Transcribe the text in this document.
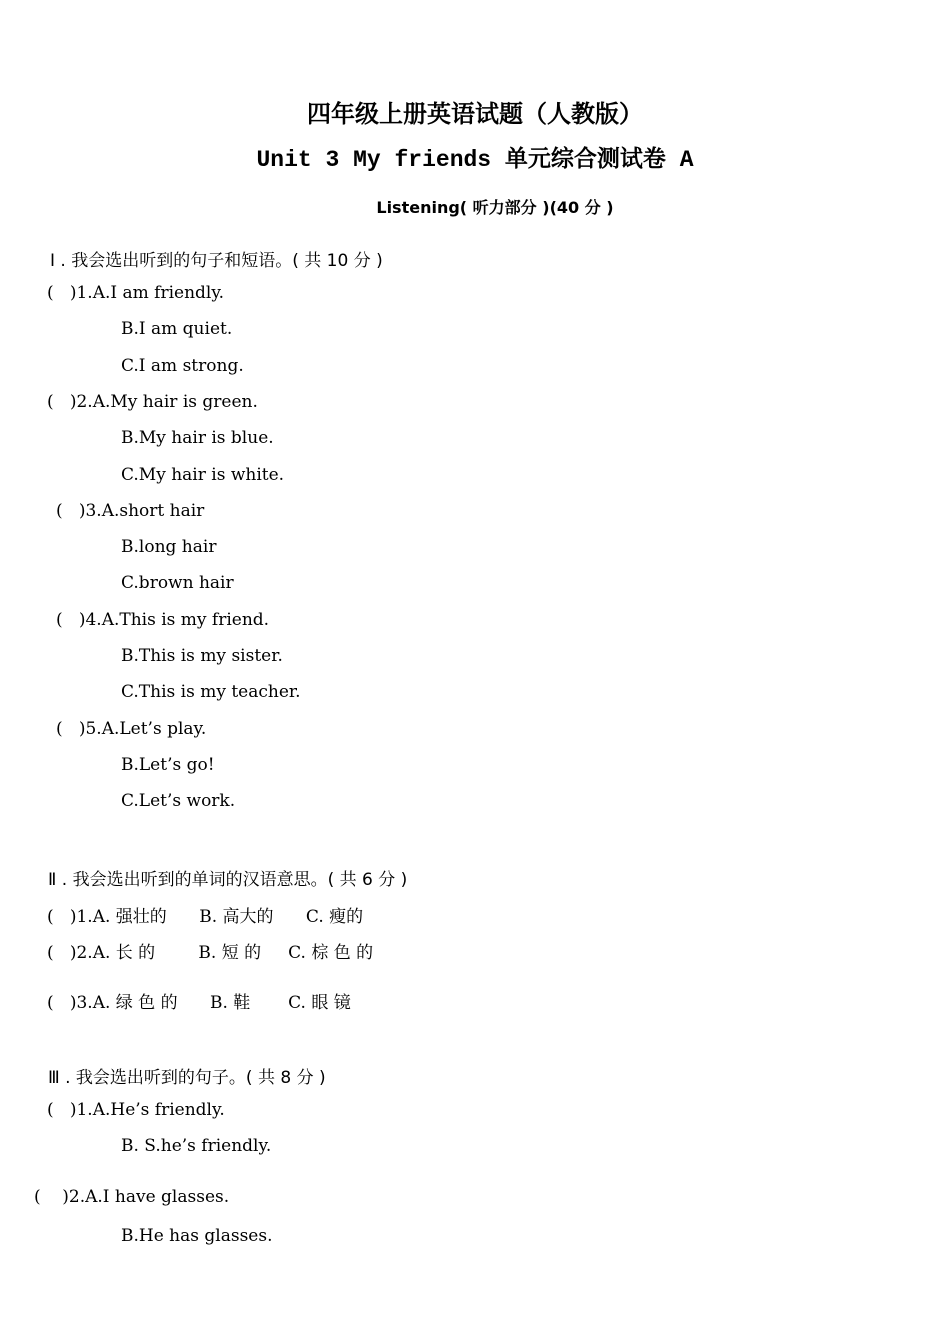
四年级上册英语试题（人教版）
Unit 3 My friends 单元综合测试卷 A
Listening( 听力部分 )(40 分 )
Ⅰ . 我会选出听到的句子和短语。( 共 10 分 )
(   )1.A.I am friendly.
B.I am quiet.
C.I am strong.
(   )2.A.My hair is green.
B.My hair is blue.
C.My hair is white.
(   )3.A.short hair
B.long hair
C.brown hair
(   )4.A.This is my friend.
B.This is my sister.
C.This is my teacher.
(   )5.A.Let’s play.
B.Let’s go!
C.Let’s work.
Ⅱ . 我会选出听到的单词的汉语意思。( 共 6 分 )
(   )1.A. 强壮的      B. 高大的      C. 瘦的
(   )2.A. 长 的        B. 短 的     C. 棕 色 的
(   )3.A. 绿 色 的      B. 鞋       C. 眼 镜
Ⅲ . 我会选出听到的句子。( 共 8 分 )
(   )1.A.He’s friendly.
B. S.he’s friendly.
(    )2.A.I have glasses.
B.He has glasses.
